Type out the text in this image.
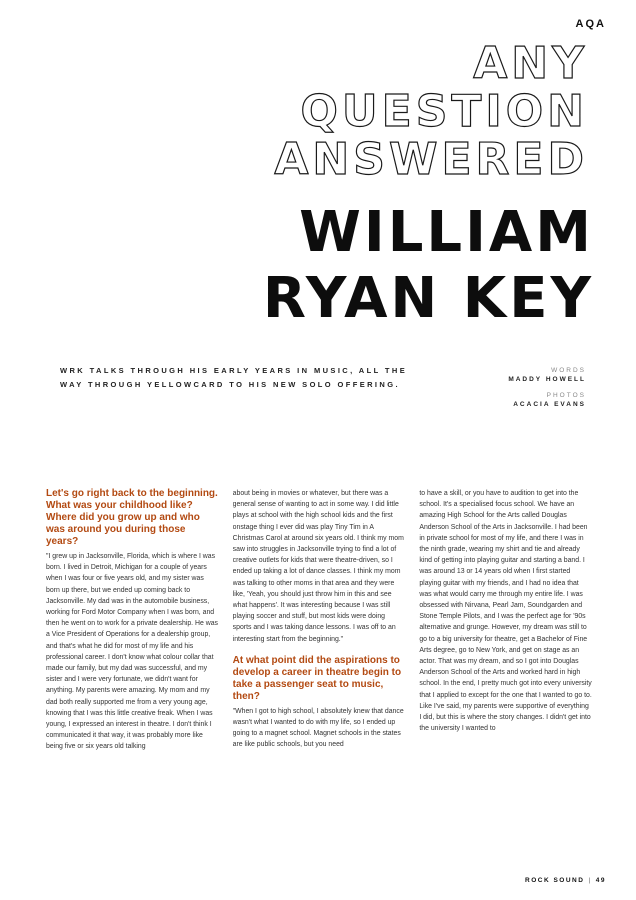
AQA
ANY
QUESTION
ANSWERED
WILLIAM
RYAN KEY
WRK TALKS THROUGH HIS EARLY YEARS IN MUSIC, ALL THE WAY THROUGH YELLOWCARD TO HIS NEW SOLO OFFERING.
WORDS
MADDY HOWELL
PHOTOS
ACACIA EVANS

Let's go right back to the beginning. What was your childhood like? Where did you grow up and who was around you during those years?

"I grew up in Jacksonville, Florida, which is where I was born. I lived in Detroit, Michigan for a couple of years when I was four or five years old, and my sister was born up there, but we ended up coming back to Jacksonville. My dad was in the automobile business, working for Ford Motor Company when I was born, and then he went on to work for a private dealership. He was a Vice President of Operations for a dealership group, and that's what he did for most of my life and his professional career. I don't know what colour collar that made our family, but my dad was successful, and my sister and I were very fortunate, we didn't want for anything. My parents were amazing. My mom and my dad both really supported me from a very young age, knowing that I was this little creative freak. When I was young, I expressed an interest in theatre. I don't think I communicated it that way, it was probably more like being five or six years old talking

about being in movies or whatever, but there was a general sense of wanting to act in some way. I did little plays at school with the high school kids and the first onstage thing I ever did was play Tiny Tim in A Christmas Carol at around six years old. I think my mom saw into struggles in Jacksonville trying to find a lot of creative outlets for kids that were theatre-driven, so I ended up taking a lot of dance classes. I think my mom was talking to other moms in that area and they were like, 'Yeah, you should just throw him in this and see what happens'. It was interesting because I was still playing soccer and stuff, but most kids were doing sports and I was taking dance lessons. I was off to an interesting start from the beginning."

At what point did the aspirations to develop a career in theatre begin to take a passenger seat to music, then?

"When I got to high school, I absolutely knew that dance wasn't what I wanted to do with my life, so I ended up going to a magnet school. Magnet schools in the states are like public schools, but you need

to have a skill, or you have to audition to get into the school. It's a specialised focus school. We have an amazing High School for the Arts called Douglas Anderson School of the Arts in Jacksonville. I had been in private school for most of my life, and there I was in the ninth grade, wearing my shirt and tie and already kind of getting into playing guitar and starting a band. I was around 13 or 14 years old when I first started playing guitar with my friends, and I had no idea that was what would carry me through my entire life. I was obsessed with Nirvana, Pearl Jam, Soundgarden and Stone Temple Pilots, and I was the perfect age for '90s alternative and grunge. However, my dream was still to go to a big university for theatre, get a Bachelor of Fine Arts degree, go to New York, and get on stage as an actor. That was my dream, and so I got into Douglas Anderson School of the Arts and worked hard in high school. In the end, I pretty much got into every university that I applied to except for the one that I wanted to go to. Like I've said, my parents were supportive of everything I did, but this is where the story changes. I didn't get into the university I wanted to

ROCK SOUND | 49
